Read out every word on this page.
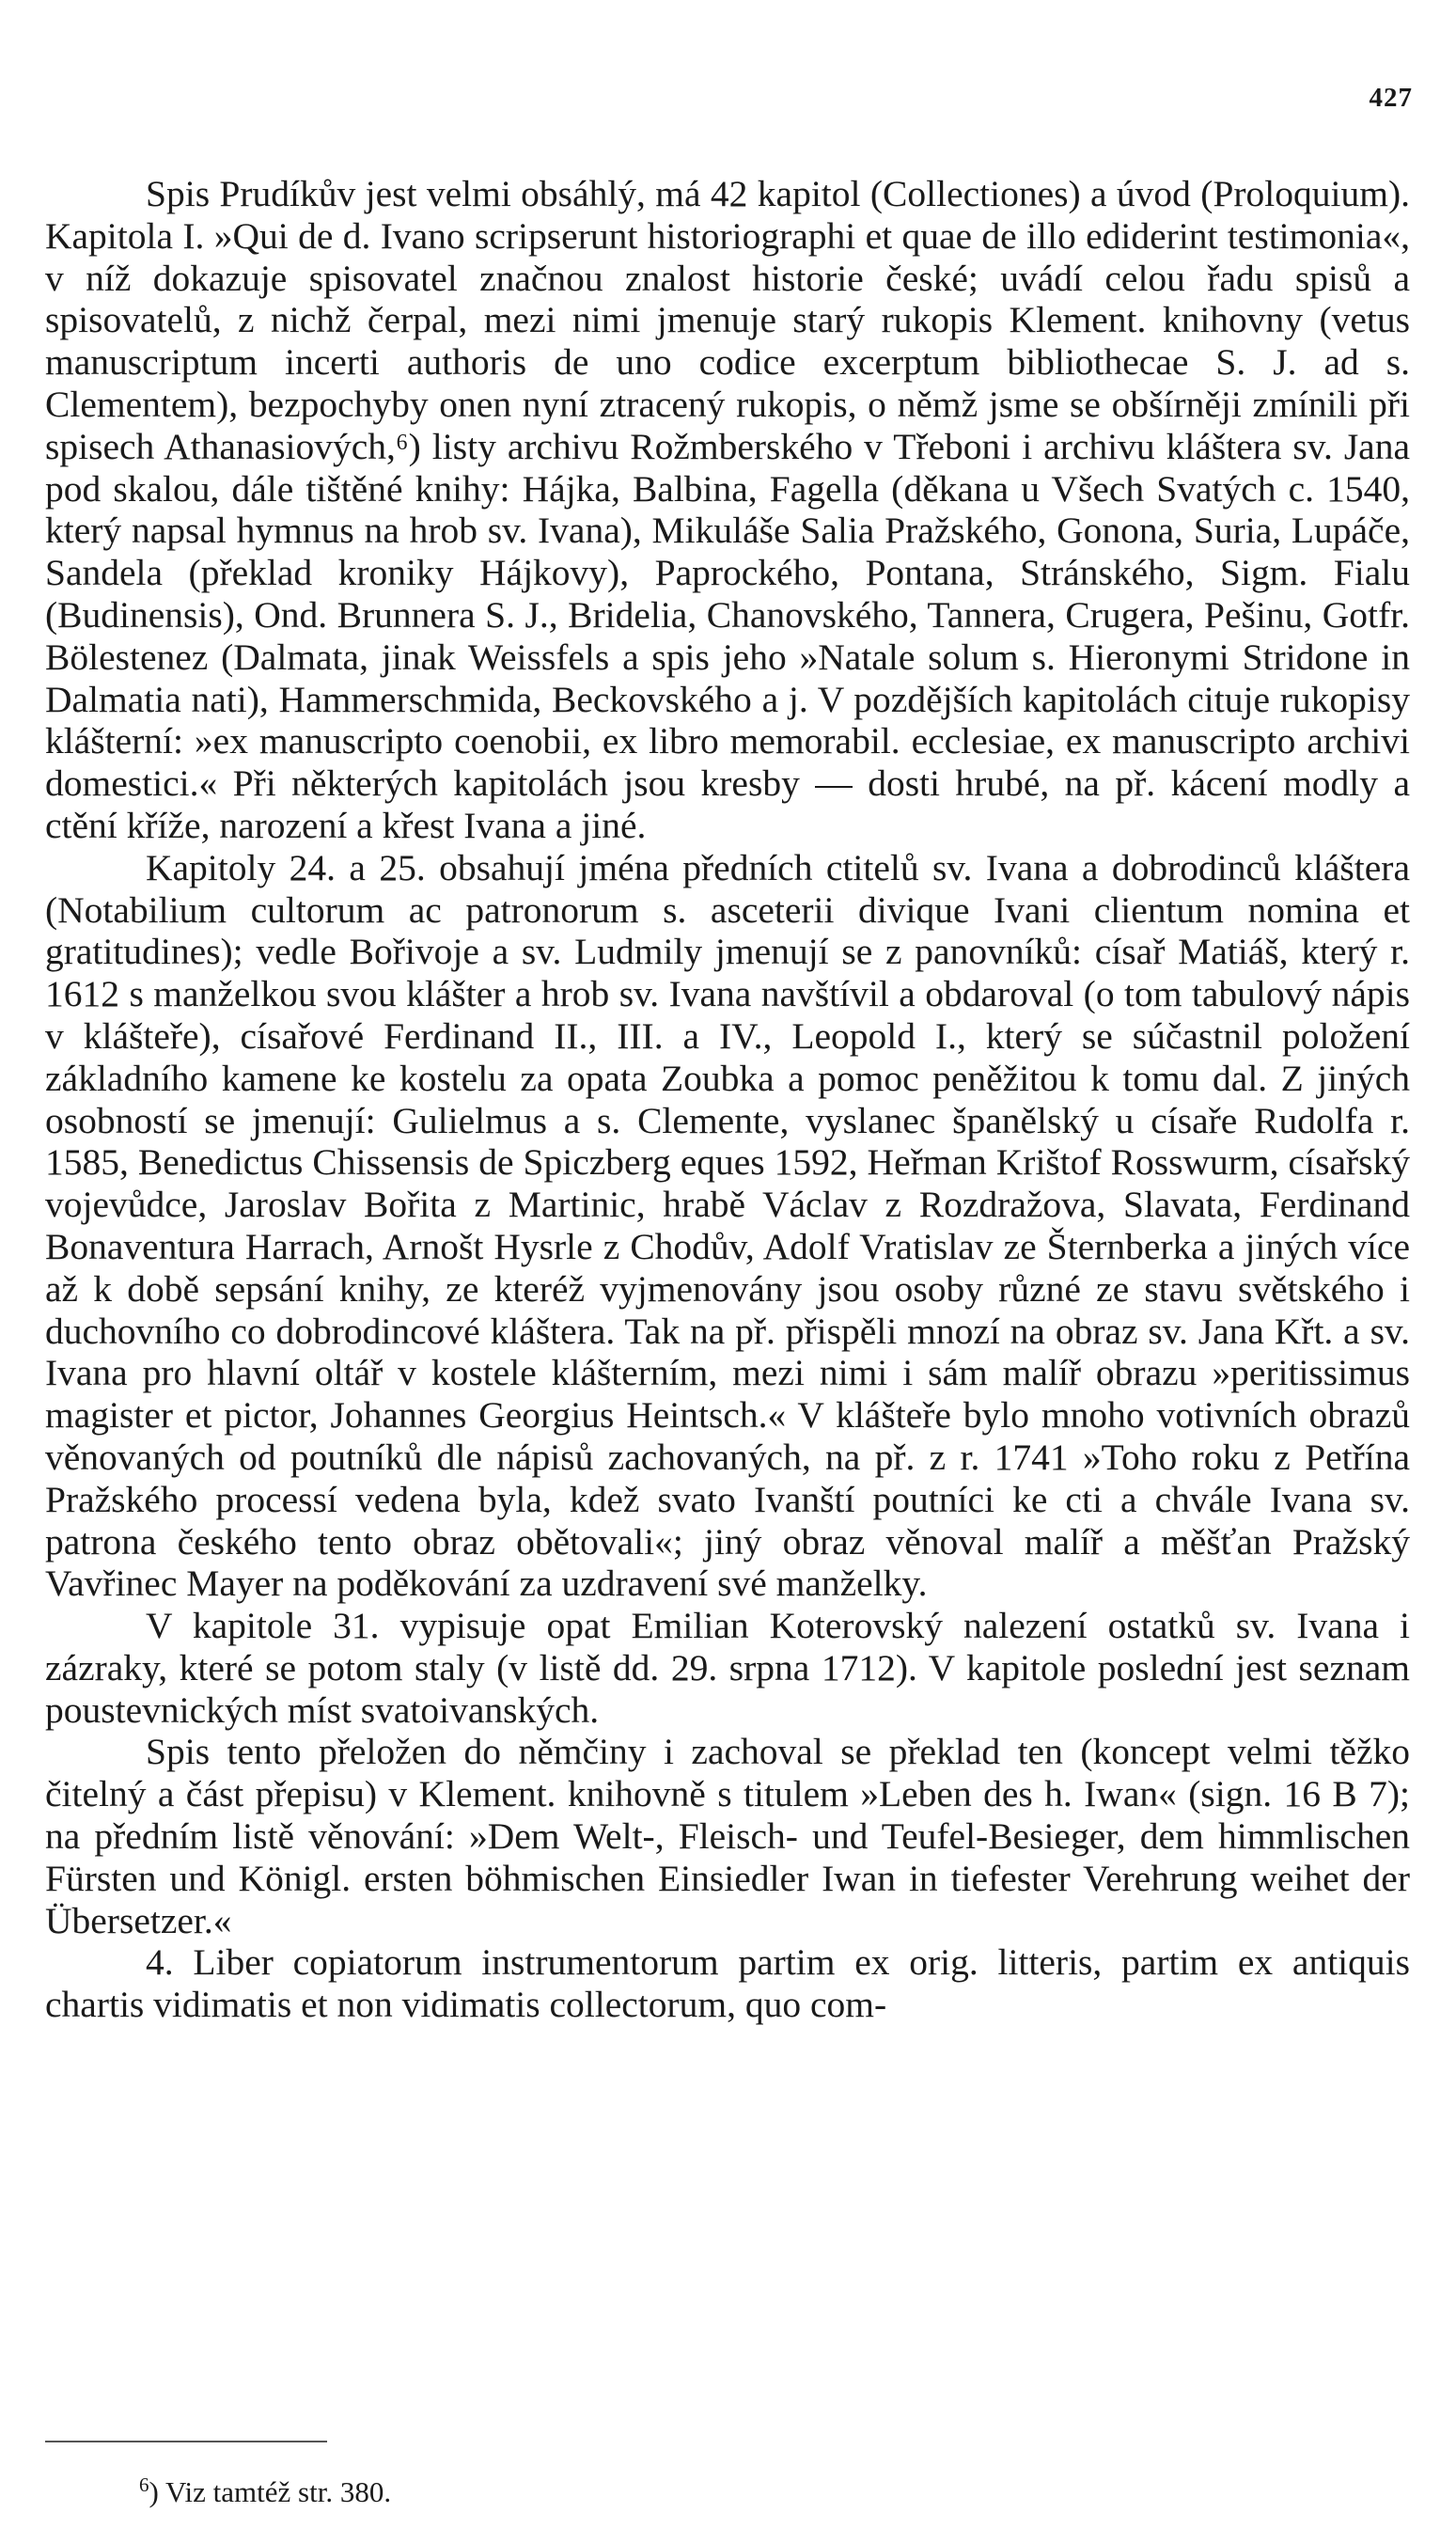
427

Spis Prudíkův jest velmi obsáhlý, má 42 kapitol (Collectiones) a úvod (Proloquium). Kapitola I. »Qui de d. Ivano scripserunt historiographi et quae de illo ediderint testimonia«, v níž dokazuje spisovatel značnou znalost historie české; uvádí celou řadu spisů a spisovatelů, z nichž čerpal, mezi nimi jmenuje starý rukopis Klement. knihovny (vetus manuscriptum incerti authoris de uno codice excerptum bibliothecae S. J. ad s. Clementem), bezpochyby onen nyní ztracený rukopis, o němž jsme se obšírněji zmínili při spisech Athanasiových,⁶) listy archivu Rožmberského v Třeboni i archivu kláštera sv. Jana pod skalou, dále tištěné knihy: Hájka, Balbina, Fagella (děkana u Všech Svatých c. 1540, který napsal hymnus na hrob sv. Ivana), Mikuláše Salia Pražského, Gonona, Suria, Lupáče, Sandela (překlad kroniky Hájkovy), Paprockého, Pontana, Stránského, Sigm. Fialu (Budinensis), Ond. Brunnera S. J., Bridelia, Chanovského, Tannera, Crugera, Pešinu, Gotfr. Bölestenez (Dalmata, jinak Weissfels a spis jeho »Natale solum s. Hieronymi Stridone in Dalmatia nati), Hammerschmida, Beckovského a j. V pozdějších kapitolách cituje rukopisy klášterní: »ex manuscripto coenobii, ex libro memorabil. ecclesiae, ex manuscripto archivi domestici.« Při některých kapitolách jsou kresby — dosti hrubé, na př. kácení modly a ctění kříže, narození a křest Ivana a jiné.

Kapitoly 24. a 25. obsahují jména předních ctitelů sv. Ivana a dobrodinců kláštera (Notabilium cultorum ac patronorum s. asceterii divique Ivani clientum nomina et gratitudines); vedle Bořivoje a sv. Ludmily jmenují se z panovníků: císař Matiáš, který r. 1612 s manželkou svou klášter a hrob sv. Ivana navštívil a obdaroval (o tom tabulový nápis v klášteře), císařové Ferdinand II., III. a IV., Leopold I., který se súčastnil položení základního kamene ke kostelu za opata Zoubka a pomoc peněžitou k tomu dal. Z jiných osobností se jmenují: Gulielmus a s. Clemente, vyslanec španělský u císaře Rudolfa r. 1585, Benedictus Chissensis de Spiczberg eques 1592, Heřman Krištof Rosswurm, císařský vojevůdce, Jaroslav Bořita z Martinic, hrabě Václav z Rozdražova, Slavata, Ferdinand Bonaventura Harrach, Arnošt Hysrle z Chodův, Adolf Vratislav ze Šternberka a jiných více až k době sepsání knihy, ze kteréž vyjmenovány jsou osoby různé ze stavu světského i duchovního co dobrodincové kláštera. Tak na př. přispěli mnozí na obraz sv. Jana Křt. a sv. Ivana pro hlavní oltář v kostele klášterním, mezi nimi i sám malíř obrazu »peritissimus magister et pictor, Johannes Georgius Heintsch.« V klášteře bylo mnoho votivních obrazů věnovaných od poutníků dle nápisů zachovaných, na př. z r. 1741 »Toho roku z Petřína Pražského processí vedena byla, kdež svato Ivanští poutníci ke cti a chvále Ivana sv. patrona českého tento obraz obětovali«; jiný obraz věnoval malíř a měšťan Pražský Vavřinec Mayer na poděkování za uzdravení své manželky.

V kapitole 31. vypisuje opat Emilian Koterovský nalezení ostatků sv. Ivana i zázraky, které se potom staly (v listě dd. 29. srpna 1712). V kapitole poslední jest seznam poustevnických míst svatoivanských.

Spis tento přeložen do němčiny i zachoval se překlad ten (koncept velmi těžko čitelný a část přepisu) v Klement. knihovně s titulem »Leben des h. Iwan« (sign. 16 B 7); na předním listě věnování: »Dem Welt-, Fleisch- und Teufel-Besieger, dem himmlischen Fürsten und Königl. ersten böhmischen Einsiedler Iwan in tiefester Verehrung weihet der Übersetzer.«

4. Liber copiatorum instrumentorum partim ex orig. litteris, partim ex antiquis chartis vidimatis et non vidimatis collectorum, quo com-

$^6$) Viz tamtéž str. 380.
